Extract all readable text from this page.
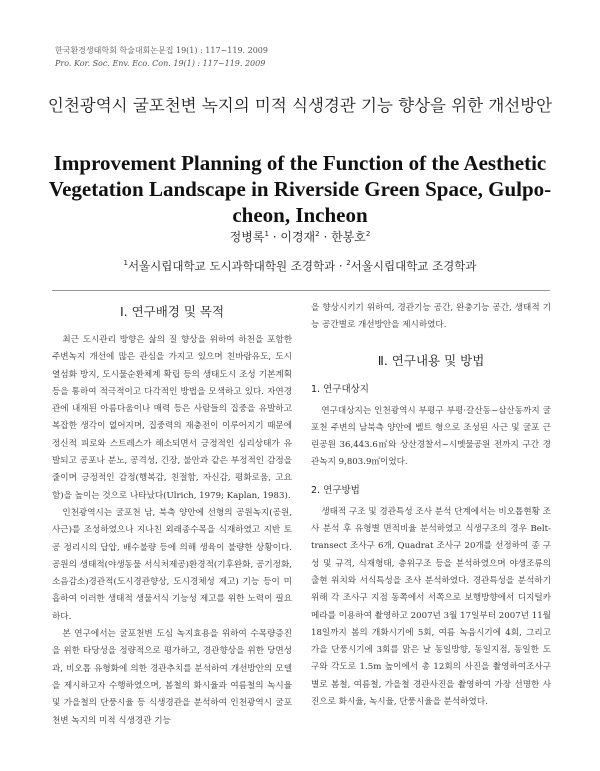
한국환경생태학회 학술대회논문집 19(1) : 117~119. 2009
Pro. Kor. Soc. Env. Eco. Con. 19(1) : 117~119. 2009
인천광역시 굴포천변 녹지의 미적 식생경관 기능 향상을 위한 개선방안
Improvement Planning of the Function of the Aesthetic Vegetation Landscape in Riverside Green Space, Gulpo-cheon, Incheon
정병록$^1$ · 이경재$^2$ · 한봉호$^2$
$^1$서울시립대학교 도시과학대학원 조경학과 · $^2$서울시립대학교 조경학과
Ⅰ. 연구배경 및 목적

최근 도시관리 방향은 삶의 질 향상을 위하여 하천을 포함한 주변녹지 개선에 많은 관심을 가지고 있으며 친바람유도, 도시 열섬화 방지, 도시물순환체계 확립 등의 생태도시 조성 기본계획 등을 통하여 적극적이고 다각적인 방법을 모색하고 있다. 자연경관에 내재된 아름다움이나 매력 등은 사람들의 집중을 유발하고 복잡한 생각이 없어지며, 집중력의 재충전이 이루어지기 때문에 정신적 피로와 스트레스가 해소되면서 긍정적인 심리상태가 유발되고 공포나 분노, 공격성, 긴장, 불안과 같은 부정적인 감정을 줄이며 긍정적인 감정(행복감, 친절함, 자신감, 평화로움, 고요함)을 높이는 것으로 나타났다(Ulrich, 1979; Kaplan, 1983).

인천광역시는 굴포천 남, 북측 양안에 선형의 공원녹지(공원, 사근)를 조성하였으나 지나친 외래종수목을 식재하였고 지반 토공 정리시의 답압, 배수불량 등에 의해 생육이 불량한 상황이다. 공원의 생태적(야생동물 서식처제공)환경적(기후완화, 공기정화, 소음감소)경관적(도시경관향상, 도시경체성 제고) 기능 등이 미흡하여 이러한 생태적 생물서식 기능성 제고를 위한 노력이 필요하다.

본 연구에서는 굴포천변 도심 녹지효용을 위하여 수목량증진을 위한 타당성을 정량적으로 평가하고, 경관향상을 위한 당면성과, 비오톱 유형화에 의한 경관추치를 분석하여 개선방안의 모델을 제시하고자 수행하였으며, 봄철의 화시율과 여름철의 녹시율 및 가을철의 단풍시율 등 식생경관을 분석하여 인천광역시 굴포천변 녹지의 미적 식생경관 기능

을 향상시키기 위하여, 경관기능 공간, 완충기능 공간, 생태적 기능 공간별로 개선방안을 제시하였다.

Ⅱ. 연구내용 및 방법
1. 연구대상지

연구대상지는 인천광역시 부평구 부평·갈산동~삼산동까지 굴포천 주변의 남북측 양안에 벨트 형으로 조성된 사근 및 굴포 근린공원 36,443.6㎡와 상산경찰서~시멧물공원 전까지 구간 경관녹지 9,803.9㎡이었다.

2. 연구방법

생태적 구조 및 경관특성 조사 분석 단계에서는 비오톱현황 조사 분석 후 유형별 면적비율 분석하였고 식생구조의 경우 Belt-transect 조사구 6개, Quadrat 조사구 20개를 선정하여 종 구성 및 규격, 식재형태, 층위구조 등을 분석하였으며 야생조류의 출현 위치와 서식특성을 조사 분석하였다. 경관특성을 분석하기 위해 각 조사구 지점 동쪽에서 서쪽으로 보행방향에서 디지털카메라를 이용하여 촬영하고 2007년 3월 17일부터 2007년 11월 18일까지 봄의 개화시기에 5회, 여름 녹음시기에 4회, 그리고 가을 단풍시기에 3회를 맑은 날 동일방향, 동일지점, 동일한 도구와 각도로 1.5m 높이에서 총 12회의 사진을 촬영하여조사구별로 봄철, 여름철, 가을철 경관사진을 촬영하여 가장 선명한 사진으로 화시율, 녹시율, 단풍시율을 분석하였다.
